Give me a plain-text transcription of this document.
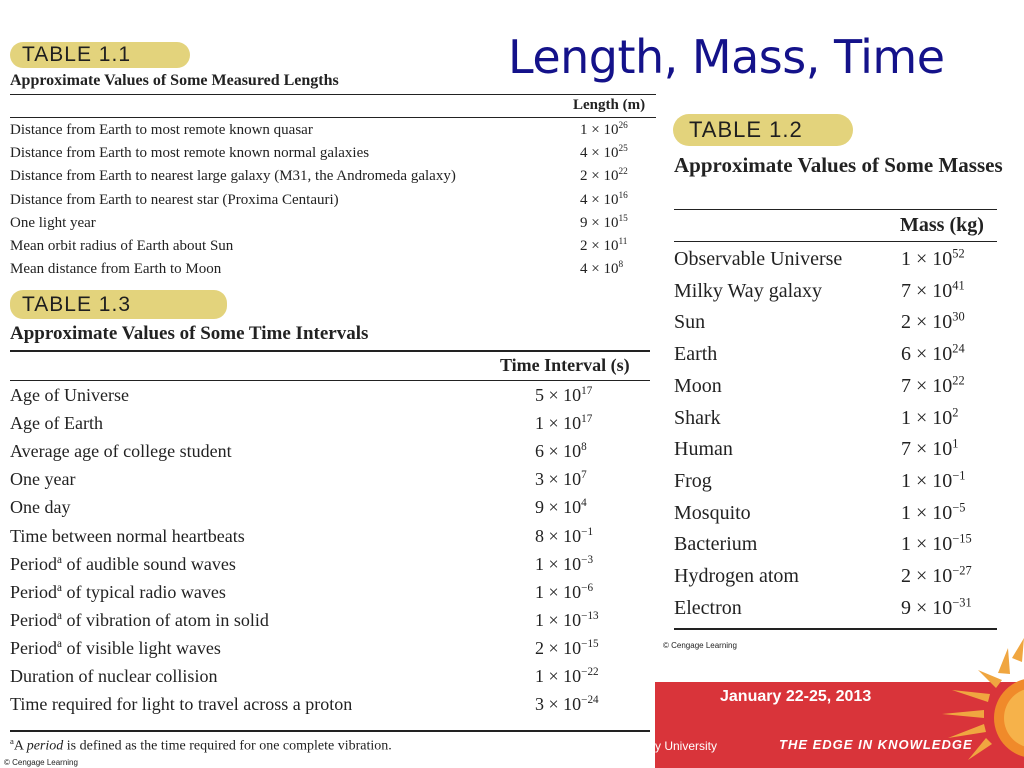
Length, Mass, Time
TABLE 1.1
Approximate Values of Some Measured Lengths
Length (m)
Distance from Earth to most remote known quasar	$1 \times 10^{26}$
Distance from Earth to most remote known normal galaxies	$4 \times 10^{25}$
Distance from Earth to nearest large galaxy (M31, the Andromeda galaxy)	$2 \times 10^{22}$
Distance from Earth to nearest star (Proxima Centauri)	$4 \times 10^{16}$
One light year	$9 \times 10^{15}$
Mean orbit radius of Earth about Sun	$2 \times 10^{11}$
Mean distance from Earth to Moon	$4 \times 10^8$
TABLE 1.3
Approximate Values of Some Time Intervals
Time Interval (s)
Age of Universe	$5 \times 10^{17}$
Age of Earth	$1 \times 10^{17}$
Average age of college student	$6 \times 10^8$
One year	$3 \times 10^7$
One day	$9 \times 10^4$
Time between normal heartbeats	$8 \times 10^{-1}$
Period$^a$ of audible sound waves	$1 \times 10^{-3}$
Period$^a$ of typical radio waves	$1 \times 10^{-6}$
Period$^a$ of vibration of atom in solid	$1 \times 10^{-13}$
Period$^a$ of visible light waves	$2 \times 10^{-15}$
Duration of nuclear collision	$1 \times 10^{-22}$
Time required for light to travel across a proton	$3 \times 10^{-24}$
$^a$A period is defined as the time required for one complete vibration.
© Cengage Learning
TABLE 1.2
Approximate Values of Some Masses
Mass (kg)
Observable Universe	$1 \times 10^{52}$
Milky Way galaxy	$7 \times 10^{41}$
Sun	$2 \times 10^{30}$
Earth	$6 \times 10^{24}$
Moon	$7 \times 10^{22}$
Shark	$1 \times 10^2$
Human	$7 \times 10^1$
Frog	$1 \times 10^{-1}$
Mosquito	$1 \times 10^{-5}$
Bacterium	$1 \times 10^{-15}$
Hydrogen atom	$2 \times 10^{-27}$
Electron	$9 \times 10^{-31}$
© Cengage Learning
January 22-25, 2013
y University	THE EDGE IN KNOWLEDGE
